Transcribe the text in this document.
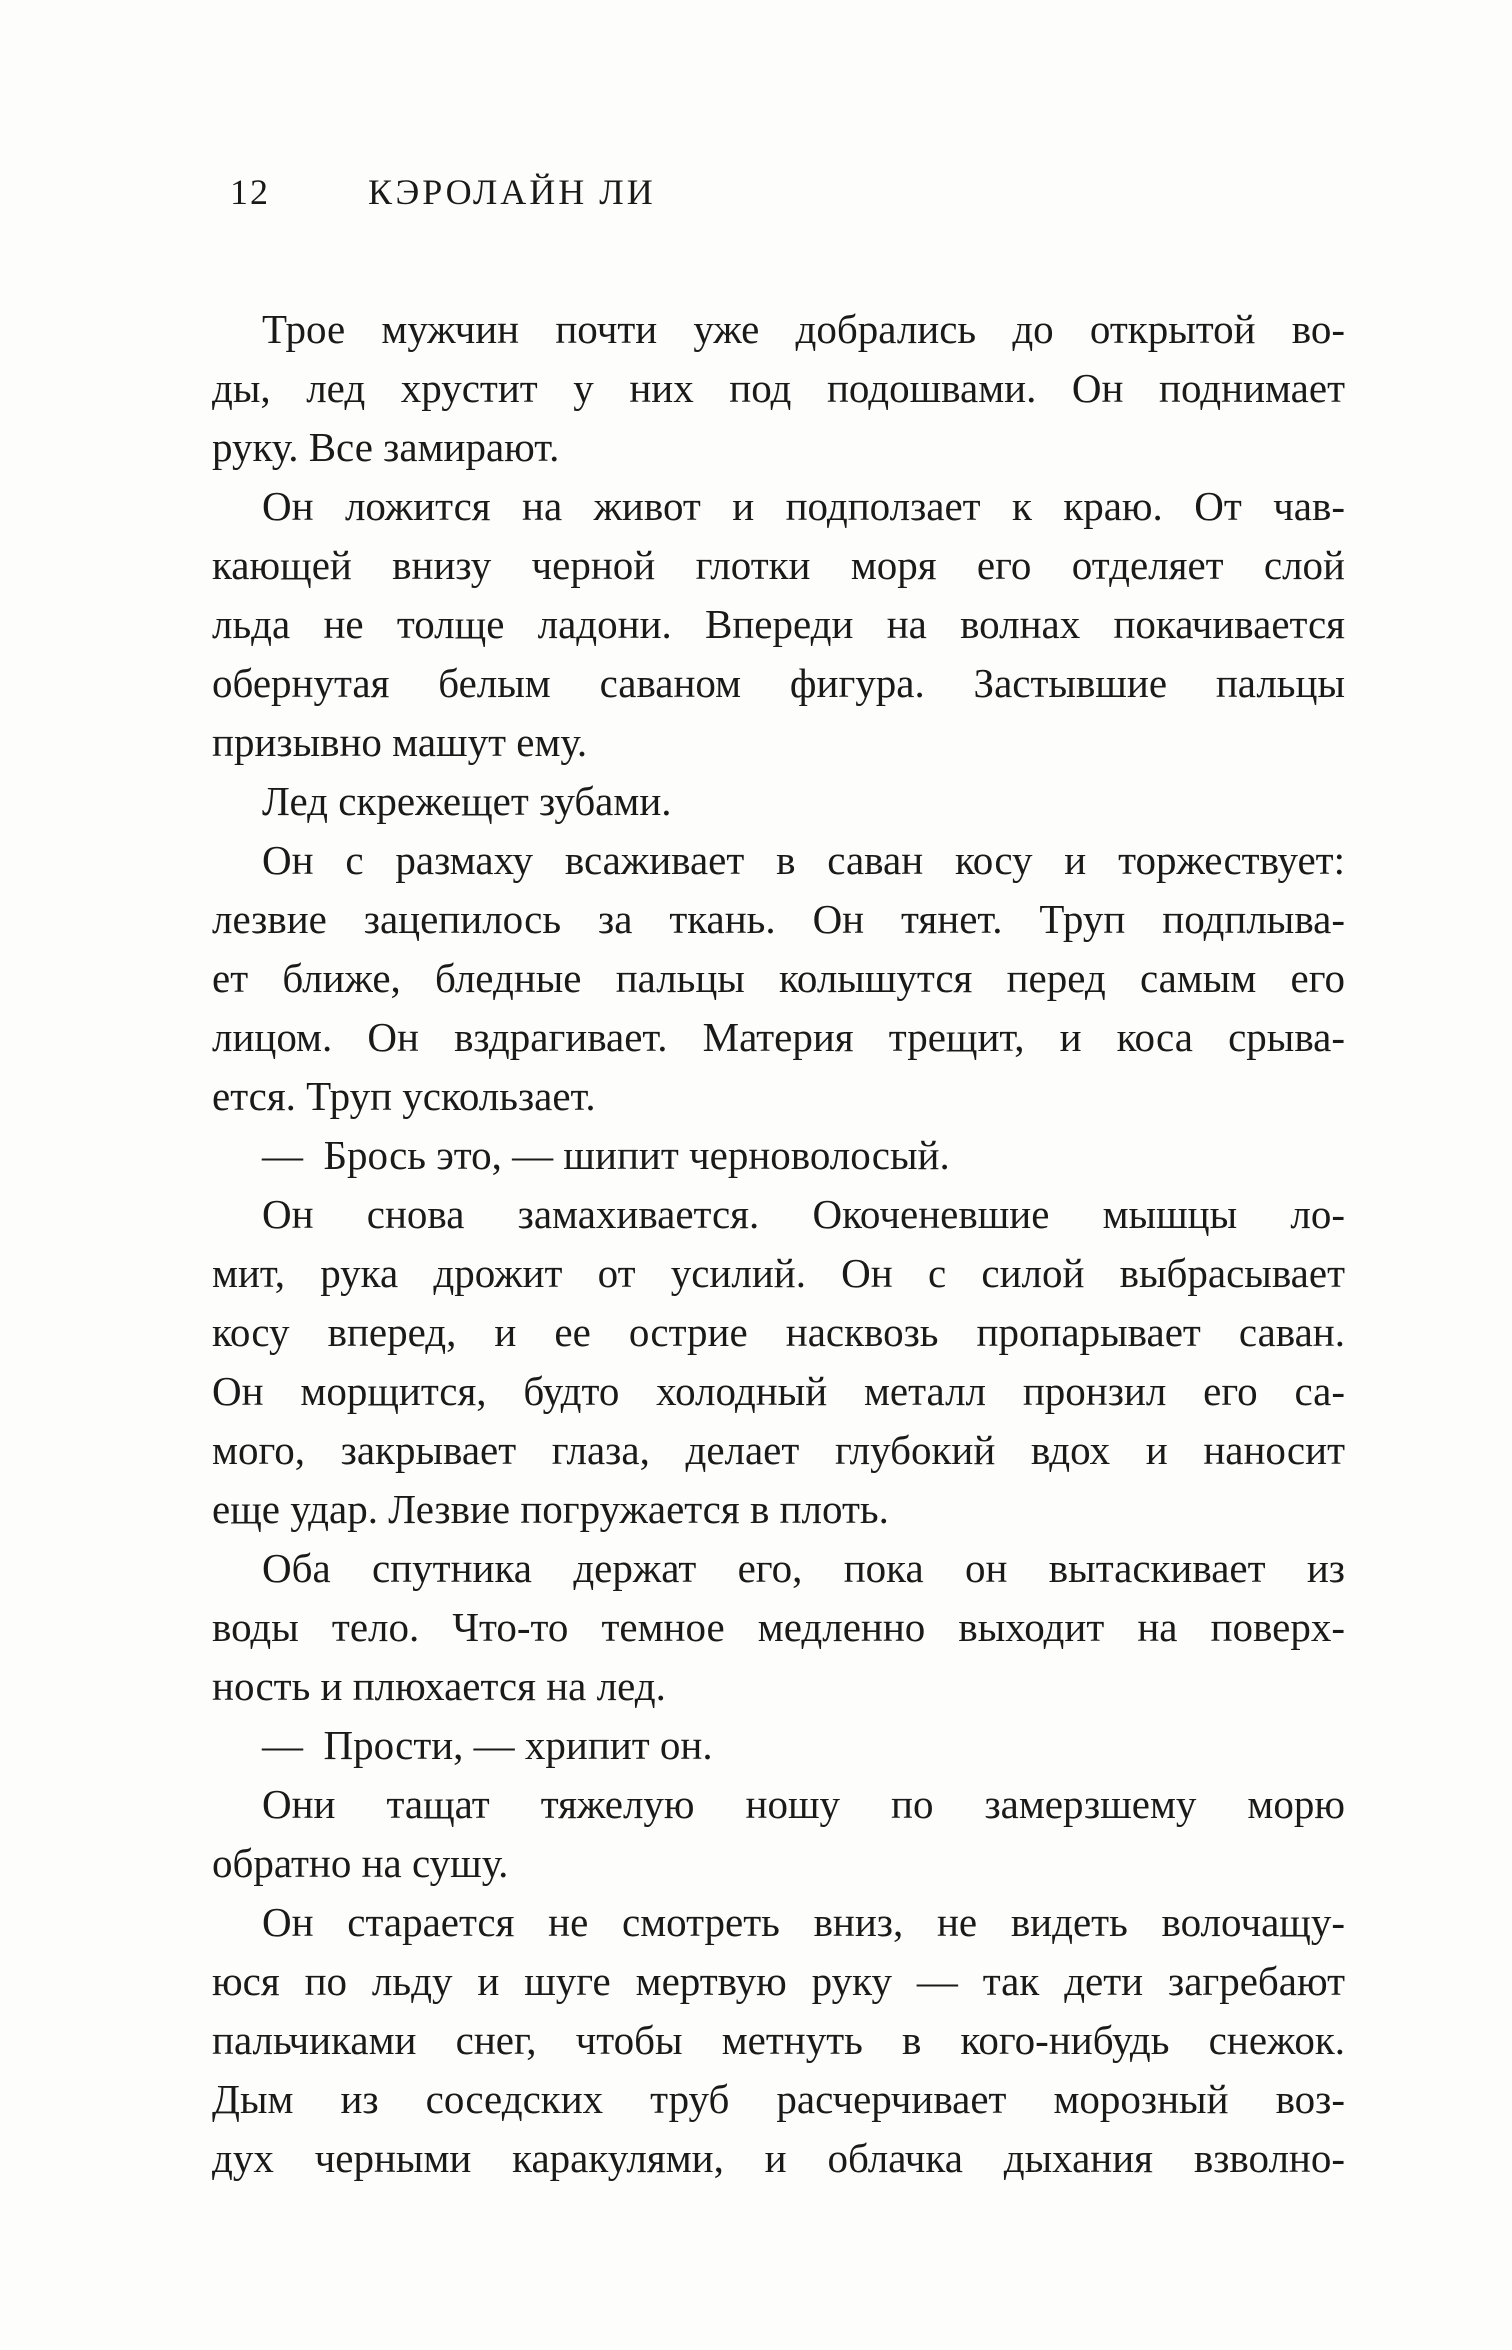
12	КЭРОЛАЙН ЛИ
Трое мужчин почти уже добрались до открытой во-
ды, лед хрустит у них под подошвами. Он поднимает
руку. Все замирают.
Он ложится на живот и подползает к краю. От чав-
кающей внизу черной глотки моря его отделяет слой
льда не толще ладони. Впереди на волнах покачивается
обернутая белым саваном фигура. Застывшие пальцы
призывно машут ему.
Лед скрежещет зубами.
Он с размаху всаживает в саван косу и торжествует:
лезвие зацепилось за ткань. Он тянет. Труп подплыва-
ет ближе, бледные пальцы колышутся перед самым его
лицом. Он вздрагивает. Материя трещит, и коса срыва-
ется. Труп ускользает.
— Брось это, — шипит черноволосый.
Он снова замахивается. Окоченевшие мышцы ло-
мит, рука дрожит от усилий. Он с силой выбрасывает
косу вперед, и ее острие насквозь пропарывает саван.
Он морщится, будто холодный металл пронзил его са-
мого, закрывает глаза, делает глубокий вдох и наносит
еще удар. Лезвие погружается в плоть.
Оба спутника держат его, пока он вытаскивает из
воды тело. Что-то темное медленно выходит на поверх-
ность и плюхается на лед.
— Прости, — хрипит он.
Они тащат тяжелую ношу по замерзшему морю
обратно на сушу.
Он старается не смотреть вниз, не видеть волочащу-
юся по льду и шуге мертвую руку — так дети загребают
пальчиками снег, чтобы метнуть в кого-нибудь снежок.
Дым из соседских труб расчерчивает морозный воз-
дух черными каракулями, и облачка дыхания взволно-
